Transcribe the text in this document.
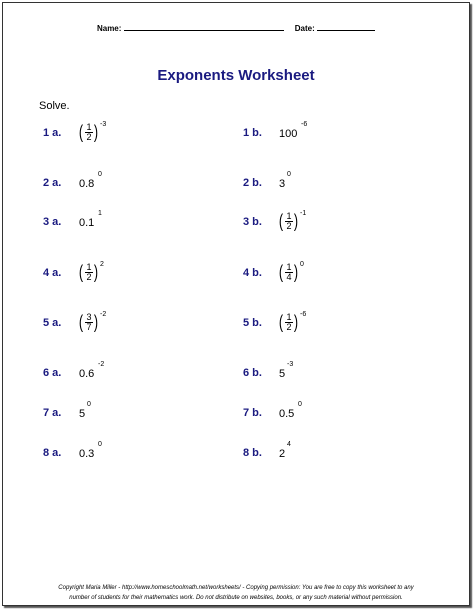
Name:	Date:
Exponents Worksheet
Solve.
1 a. ( 1
2 ) -3
1 b. 100
-6
2 a. 0.8
0
2 b. 3
0
3 a. 0.1
1
3 b. ( 1
2 ) -1
4 a. ( 1
2 ) 2
4 b. ( 1
4 ) 0
5 a. ( 3
7 ) -2
5 b. ( 1
2 ) -6
6 a. 0.6
-2
6 b. 5
-3
7 a. 5
0
7 b. 0.5
0
8 a. 0.3
0
8 b. 2
4
Copyright Maria Miller - http://www.homeschoolmath.net/worksheets/ - Copying permission: You are free to copy this worksheet to any
number of students for their mathematics work. Do not distribute on websites, books, or any such material without permission.
